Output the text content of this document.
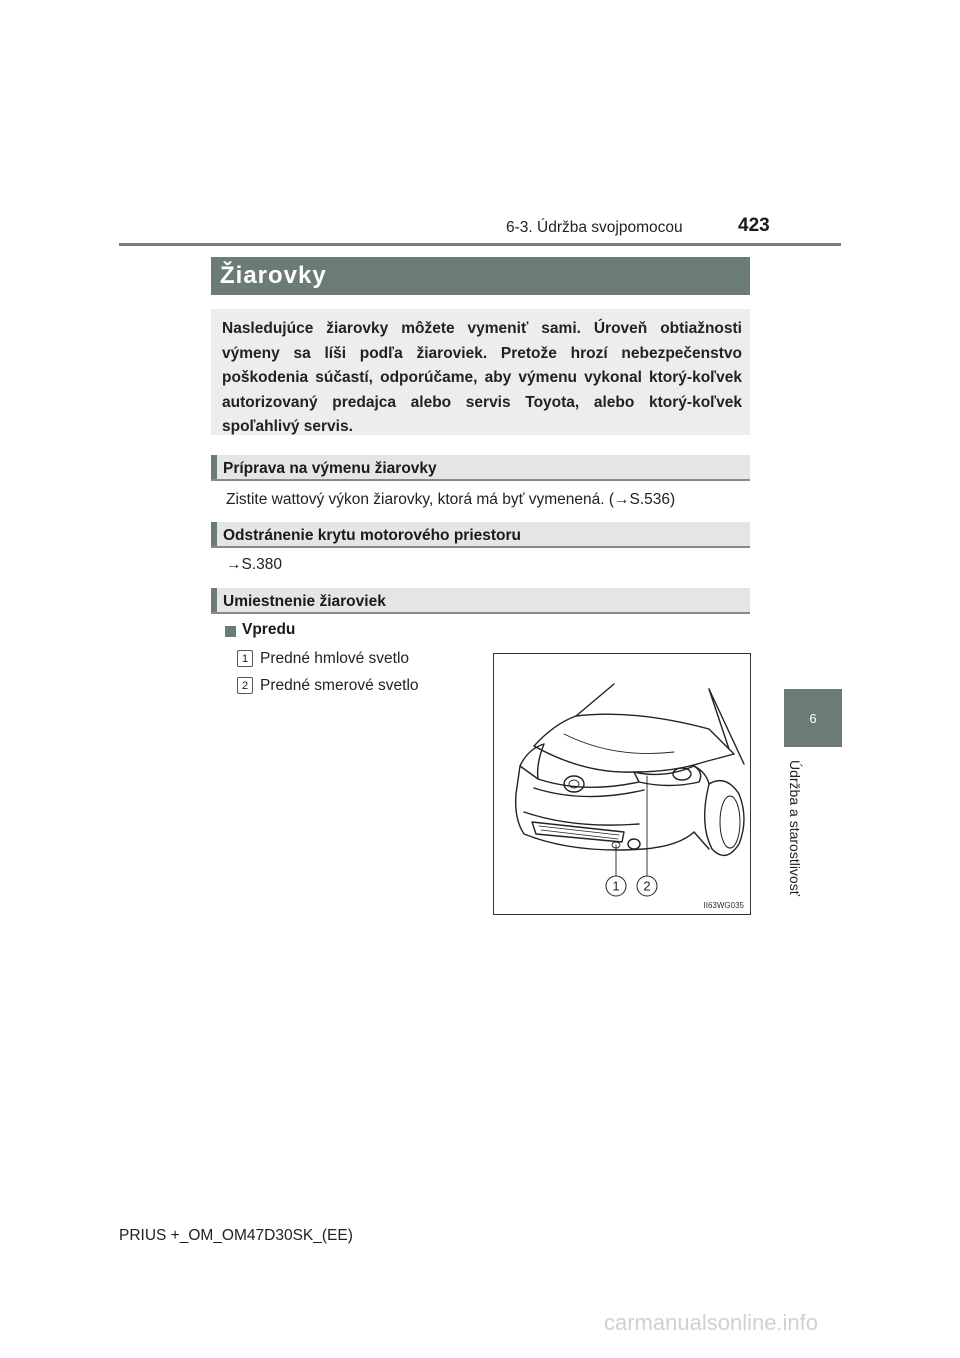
6-3. Údržba svojpomocou	423
6
Údržba a starostlivosť
Žiarovky
Nasledujúce žiarovky môžete vymeniť sami. Úroveň obtiažnosti výmeny sa líši podľa žiaroviek. Pretože hrozí nebezpečenstvo poškodenia súčastí, odporúčame, aby výmenu vykonal ktorý-koľvek autorizovaný predajca alebo servis Toyota, alebo ktorý-koľvek spoľahlivý servis.
Príprava na výmenu žiarovky
Zistite wattový výkon žiarovky, ktorá má byť vymenená. (→S.536)
Odstránenie krytu motorového priestoru
→S.380
Umiestnenie žiaroviek
Vpredu
1 Predné hmlové svetlo
2 Predné smerové svetlo
1 2
II63WG035
PRIUS +_OM_OM47D30SK_(EE)
carmanualsonline.info
